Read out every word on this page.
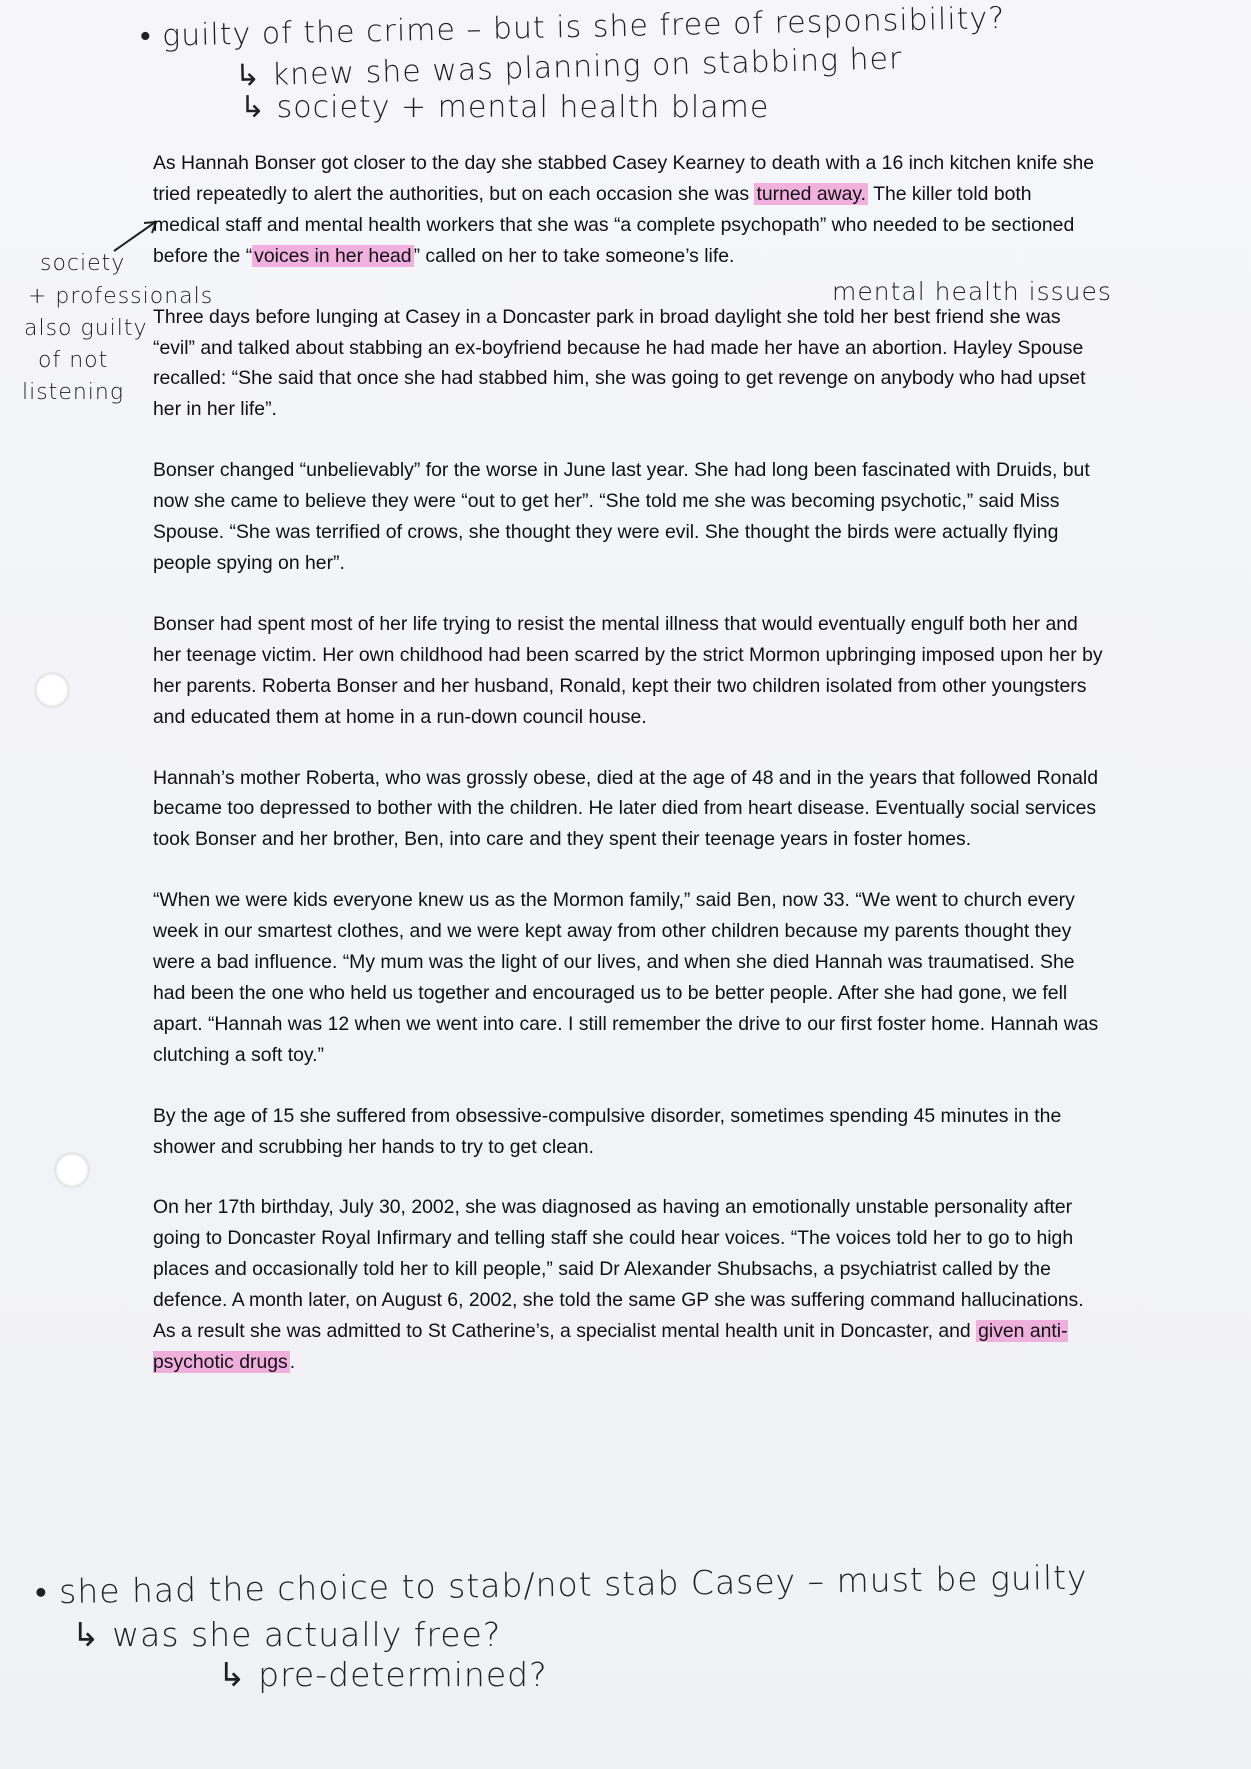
• guilty of the crime – but is she free of responsibility?
↳ knew she was planning on stabbing her
↳ society + mental health blame
society
+ professionals
also guilty
of not
listening
mental health issues

As Hannah Bonser got closer to the day she stabbed Casey Kearney to death with a 16 inch kitchen knife she tried repeatedly to alert the authorities, but on each occasion she was turned away. The killer told both medical staff and mental health workers that she was “a complete psychopath” who needed to be sectioned before the “ voices in her head ” called on her to take someone’s life.

Three days before lunging at Casey in a Doncaster park in broad daylight she told her best friend she was “evil” and talked about stabbing an ex-boyfriend because he had made her have an abortion. Hayley Spouse recalled: “She said that once she had stabbed him, she was going to get revenge on anybody who had upset her in her life”.

Bonser changed “unbelievably” for the worse in June last year. She had long been fascinated with Druids, but now she came to believe they were “out to get her”. “She told me she was becoming psychotic,” said Miss Spouse. “She was terrified of crows, she thought they were evil. She thought the birds were actually flying people spying on her”.

Bonser had spent most of her life trying to resist the mental illness that would eventually engulf both her and her teenage victim. Her own childhood had been scarred by the strict Mormon upbringing imposed upon her by her parents. Roberta Bonser and her husband, Ronald, kept their two children isolated from other youngsters and educated them at home in a run-down council house.

Hannah’s mother Roberta, who was grossly obese, died at the age of 48 and in the years that followed Ronald became too depressed to bother with the children. He later died from heart disease. Eventually social services took Bonser and her brother, Ben, into care and they spent their teenage years in foster homes.

“When we were kids everyone knew us as the Mormon family,” said Ben, now 33. “We went to church every week in our smartest clothes, and we were kept away from other children because my parents thought they were a bad influence. “My mum was the light of our lives, and when she died Hannah was traumatised. She had been the one who held us together and encouraged us to be better people. After she had gone, we fell apart. “Hannah was 12 when we went into care. I still remember the drive to our first foster home. Hannah was clutching a soft toy.”

By the age of 15 she suffered from obsessive-compulsive disorder, sometimes spending 45 minutes in the shower and scrubbing her hands to try to get clean.

On her 17th birthday, July 30, 2002, she was diagnosed as having an emotionally unstable personality after going to Doncaster Royal Infirmary and telling staff she could hear voices. “The voices told her to go to high places and occasionally told her to kill people,” said Dr Alexander Shubsachs, a psychiatrist called by the defence. A month later, on August 6, 2002, she told the same GP she was suffering command hallucinations. As a result she was admitted to St Catherine’s, a specialist mental health unit in Doncaster, and given anti-psychotic drugs .

• she had the choice to stab/not stab Casey – must be guilty
↳ was she actually free?
↳ pre-determined?
